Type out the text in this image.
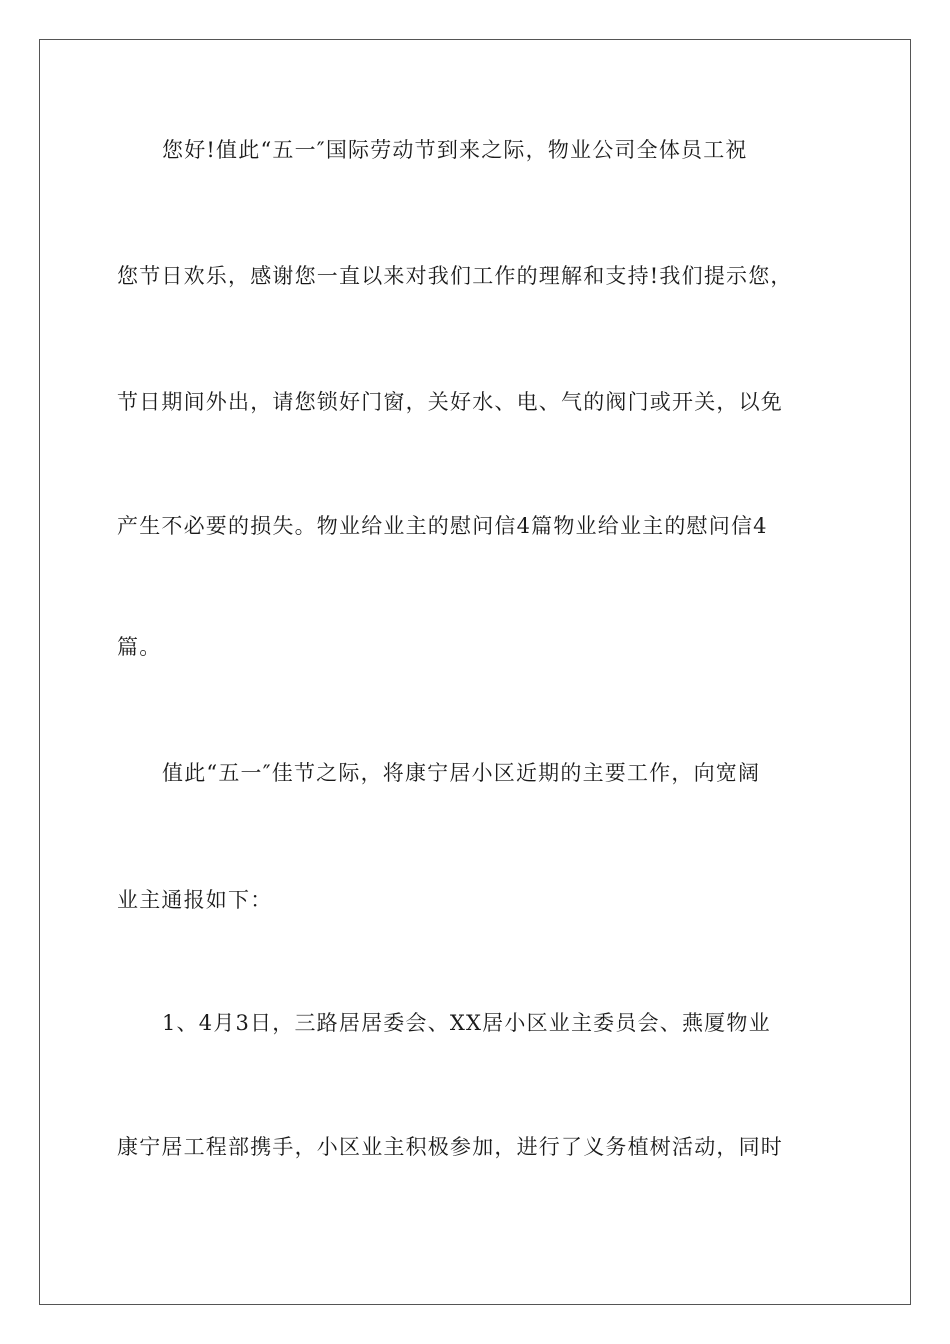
您好!值此“五一″国际劳动节到来之际，物业公司全体员工祝
您节日欢乐，感谢您一直以来对我们工作的理解和支持!我们提示您，
节日期间外出，请您锁好门窗，关好水、电、气的阀门或开关，以免
产生不必要的损失。物业给业主的慰问信4篇物业给业主的慰问信4
篇。
值此“五一″佳节之际，将康宁居小区近期的主要工作，向宽阔
业主通报如下：
1、4月3日，三路居居委会、XX居小区业主委员会、燕厦物业
康宁居工程部携手，小区业主积极参加，进行了义务植树活动，同时
